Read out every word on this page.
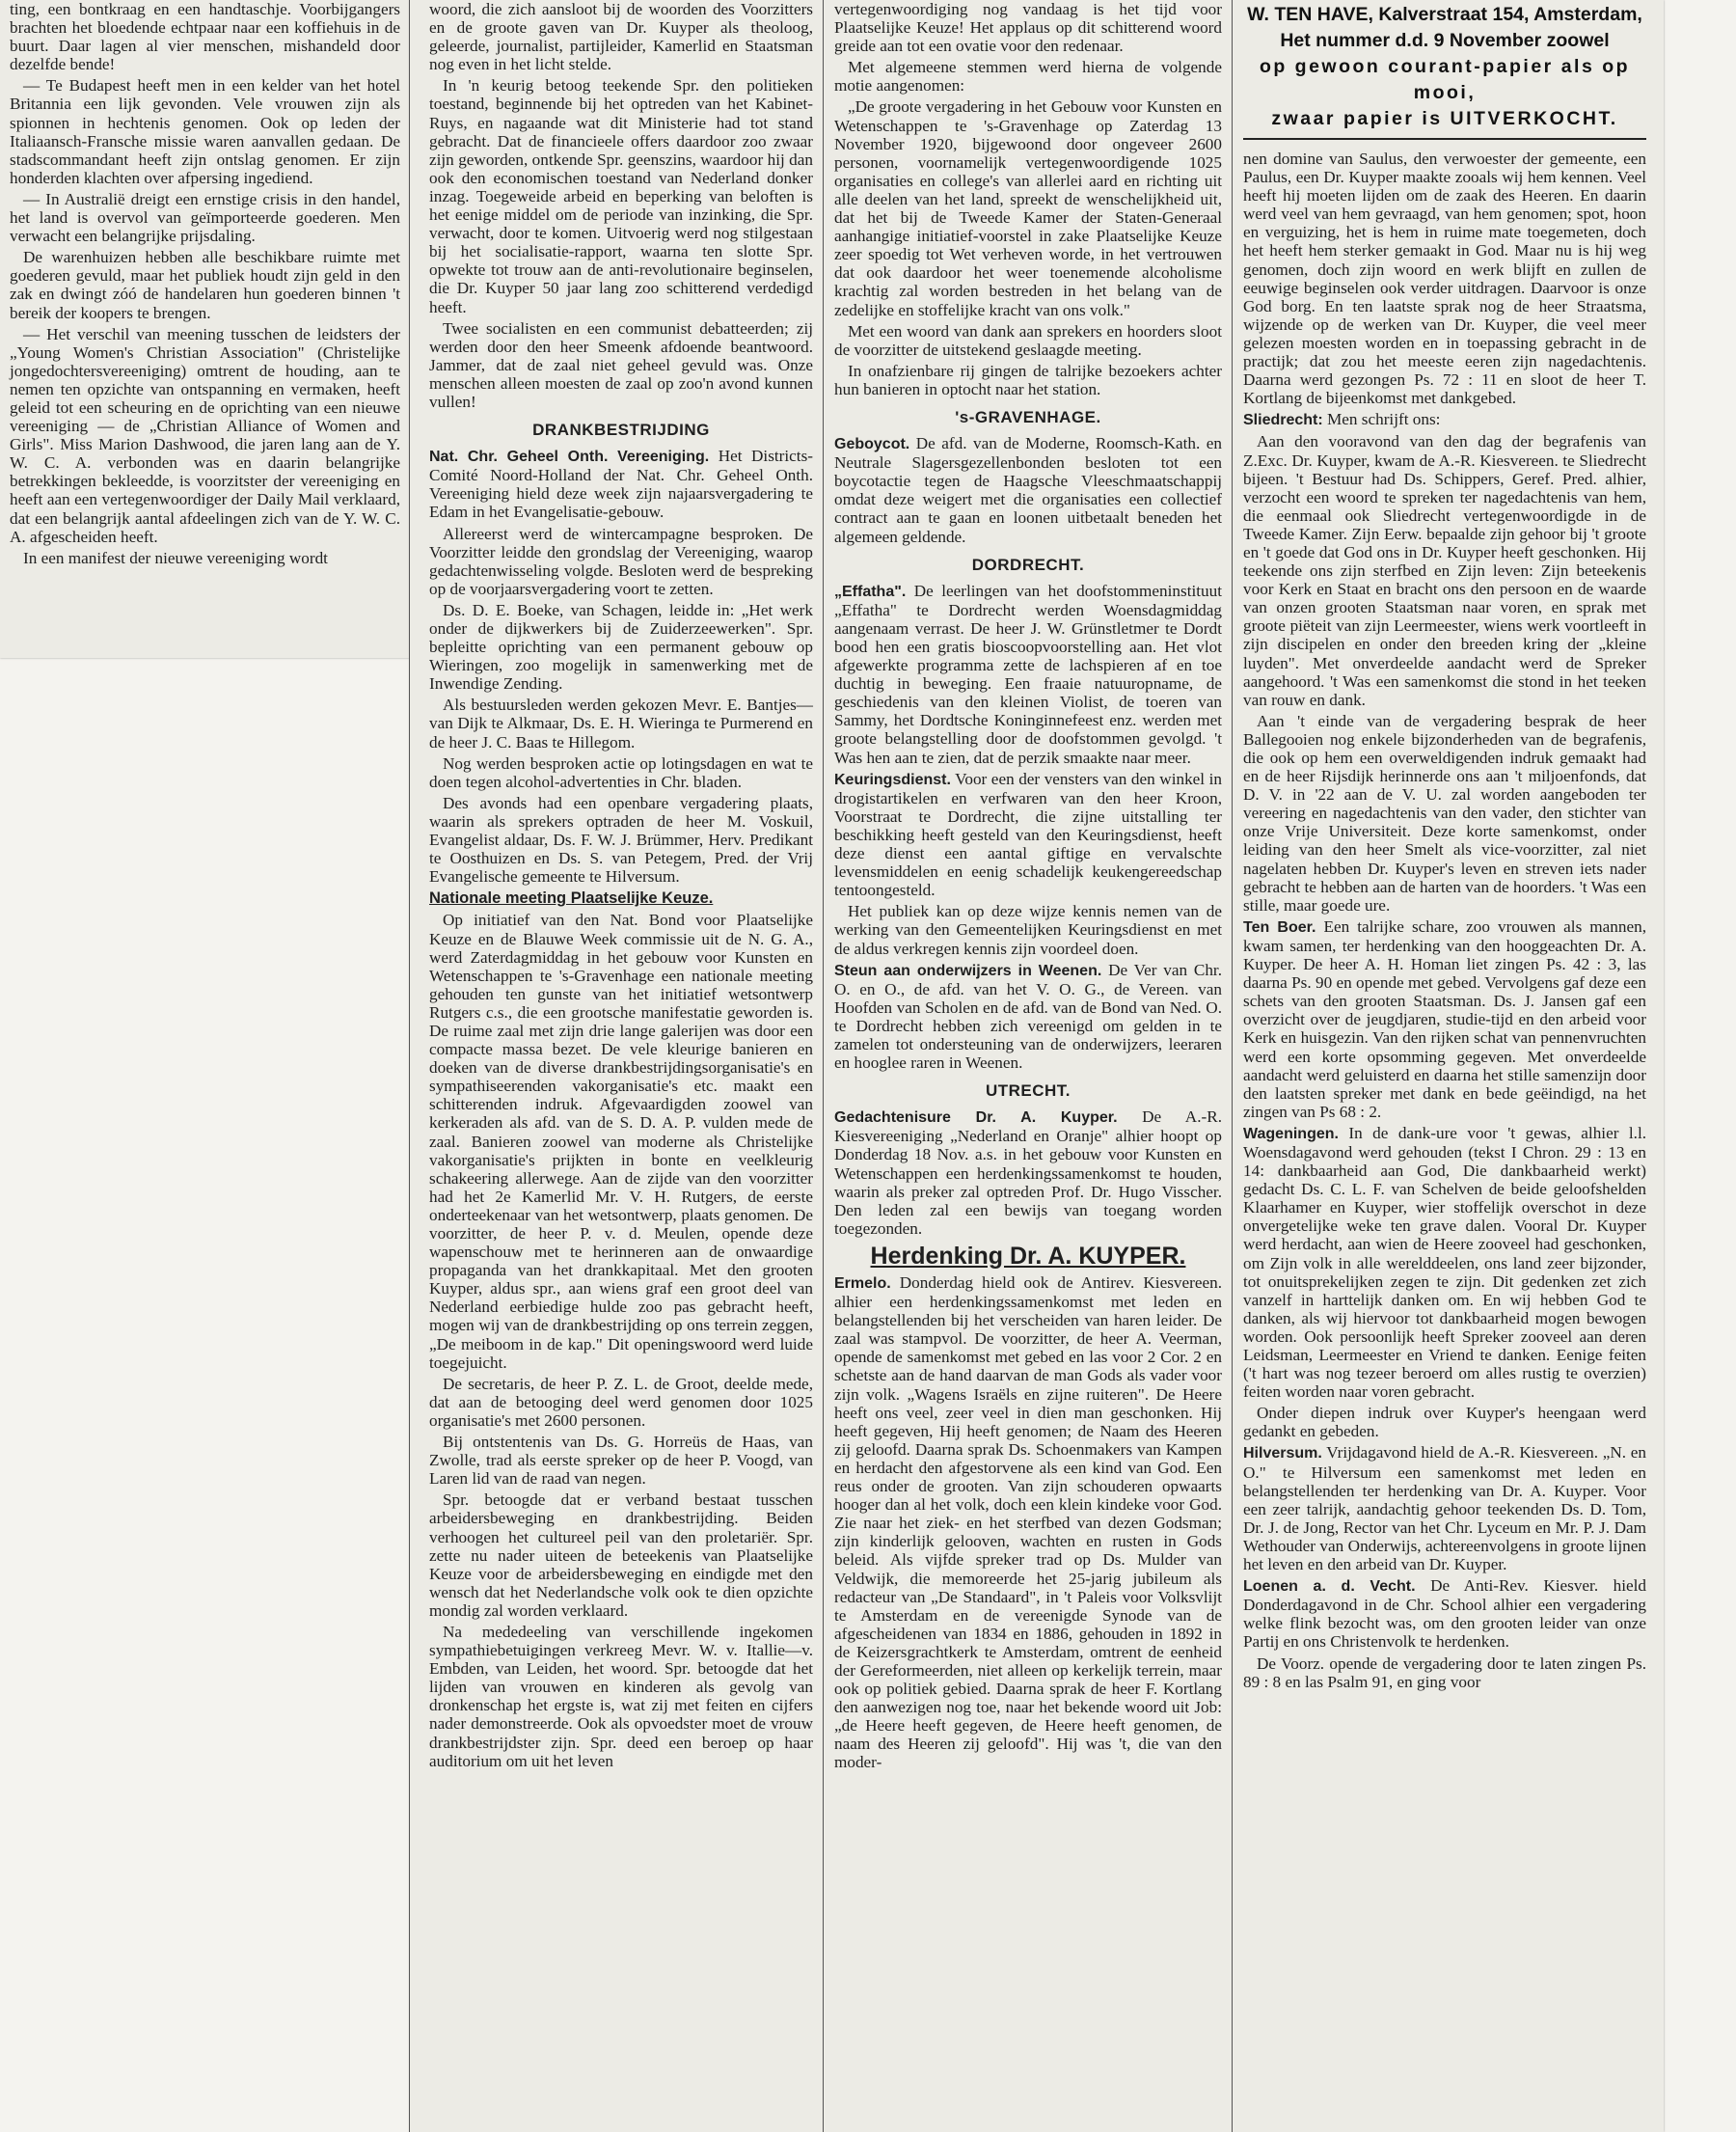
ting, een bontkraag en een handtaschje. Voorbijgangers brachten het bloedende echtpaar naar een koffiehuis in de buurt. Daar lagen al vier menschen, mishandeld door dezelfde bende!

— Te Budapest heeft men in een kelder van het hotel Britannia een lijk gevonden. Vele vrouwen zijn als spionnen in hechtenis genomen. Ook op leden der Italiaansch-Fransche missie waren aanvallen gedaan. De stadscommandant heeft zijn ontslag genomen. Er zijn honderden klachten over afpersing ingediend.

— In Australië dreigt een ernstige crisis in den handel, het land is overvol van geïmporteerde goederen. Men verwacht een belangrijke prijsdaling.

De warenhuizen hebben alle beschikbare ruimte met goederen gevuld, maar het publiek houdt zijn geld in den zak en dwingt zóó de handelaren hun goederen binnen 't bereik der koopers te brengen.

— Het verschil van meening tusschen de leidsters der „Young Women's Christian Association" (Christelijke jongedochtersvereeniging) omtrent de houding, aan te nemen ten opzichte van ontspanning en vermaken, heeft geleid tot een scheuring en de oprichting van een nieuwe vereeniging — de „Christian Alliance of Women and Girls". Miss Marion Dashwood, die jaren lang aan de Y. W. C. A. verbonden was en daarin belangrijke betrekkingen bekleedde, is voorzitster der vereeniging en heeft aan een vertegenwoordiger der Daily Mail verklaard, dat een belangrijk aantal afdeelingen zich van de Y. W. C. A. afgescheiden heeft.

In een manifest der nieuwe vereeniging wordt

woord, die zich aansloot bij de woorden des Voorzitters en de groote gaven van Dr. Kuyper als theoloog, geleerde, journalist, partijleider, Kamerlid en Staatsman nog even in het licht stelde.

In 'n keurig betoog teekende Spr. den politieken toestand, beginnende bij het optreden van het Kabinet-Ruys, en nagaande wat dit Ministerie had tot stand gebracht. Dat de financieele offers daardoor zoo zwaar zijn geworden, ontkende Spr. geenszins, waardoor hij dan ook den economischen toestand van Nederland donker inzag. Toegeweide arbeid en beperking van beloften is het eenige middel om de periode van inzinking, die Spr. verwacht, door te komen. Uitvoerig werd nog stilgestaan bij het socialisatie-rapport, waarna ten slotte Spr. opwekte tot trouw aan de anti-revolutionaire beginselen, die Dr. Kuyper 50 jaar lang zoo schitterend verdedigd heeft.

Twee socialisten en een communist debatteerden; zij werden door den heer Smeenk afdoende beantwoord. Jammer, dat de zaal niet geheel gevuld was. Onze menschen alleen moesten de zaal op zoo'n avond kunnen vullen!

DRANKBESTRIJDING

Nat. Chr. Geheel Onth. Vereeniging. Het Districts-Comité Noord-Holland der Nat. Chr. Geheel Onth. Vereeniging hield deze week zijn najaarsvergadering te Edam in het Evangelisatie-gebouw.

Allereerst werd de wintercampagne besproken. De Voorzitter leidde den grondslag der Vereeniging, waarop gedachtenwisseling volgde. Besloten werd de bespreking op de voorjaarsvergadering voort te zetten.

Ds. D. E. Boeke, van Schagen, leidde in: „Het werk onder de dijkwerkers bij de Zuiderzeewerken". Spr. bepleitte oprichting van een permanent gebouw op Wieringen, zoo mogelijk in samenwerking met de Inwendige Zending.

Als bestuursleden werden gekozen Mevr. E. Bantjes—van Dijk te Alkmaar, Ds. E. H. Wieringa te Purmerend en de heer J. C. Baas te Hillegom.

Nog werden besproken actie op lotingsdagen en wat te doen tegen alcohol-advertenties in Chr. bladen.

Des avonds had een openbare vergadering plaats, waarin als sprekers optraden de heer M. Voskuil, Evangelist aldaar, Ds. F. W. J. Brümmer, Herv. Predikant te Oosthuizen en Ds. S. van Petegem, Pred. der Vrij Evangelische gemeente te Hilversum.

Nationale meeting Plaatselijke Keuze.

Op initiatief van den Nat. Bond voor Plaatselijke Keuze en de Blauwe Week commissie uit de N. G. A., werd Zaterdagmiddag in het gebouw voor Kunsten en Wetenschappen te 's-Gravenhage een nationale meeting gehouden ten gunste van het initiatief wetsontwerp Rutgers c.s., die een grootsche manifestatie geworden is. De ruime zaal met zijn drie lange galerijen was door een compacte massa bezet. De vele kleurige banieren en doeken van de diverse drankbestrijdingsorganisatie's en sympathiseerenden vakorganisatie's etc. maakt een schitterenden indruk. Afgevaardigden zoowel van kerkeraden als afd. van de S. D. A. P. vulden mede de zaal. Banieren zoowel van moderne als Christelijke vakorganisatie's prijkten in bonte en veelkleurig schakeering allerwege. Aan de zijde van den voorzitter had het 2e Kamerlid Mr. V. H. Rutgers, de eerste onderteekenaar van het wetsontwerp, plaats genomen. De voorzitter, de heer P. v. d. Meulen, opende deze wapenschouw met te herinneren aan de onwaardige propaganda van het drankkapitaal. Met den grooten Kuyper, aldus spr., aan wiens graf een groot deel van Nederland eerbiedige hulde zoo pas gebracht heeft, mogen wij van de drankbestrijding op ons terrein zeggen, „De meiboom in de kap." Dit openingswoord werd luide toegejuicht.

De secretaris, de heer P. Z. L. de Groot, deelde mede, dat aan de betooging deel werd genomen door 1025 organisatie's met 2600 personen.

Bij ontstentenis van Ds. G. Horreüs de Haas, van Zwolle, trad als eerste spreker op de heer P. Voogd, van Laren lid van de raad van negen.

Spr. betoogde dat er verband bestaat tusschen arbeidersbeweging en drankbestrijding. Beiden verhoogen het cultureel peil van den proletariër. Spr. zette nu nader uiteen de beteekenis van Plaatselijke Keuze voor de arbeidersbeweging en eindigde met den wensch dat het Nederlandsche volk ook te dien opzichte mondig zal worden verklaard.

Na mededeeling van verschillende ingekomen sympathiebetuigingen verkreeg Mevr. W. v. Itallie—v. Embden, van Leiden, het woord. Spr. betoogde dat het lijden van vrouwen en kinderen als gevolg van dronkenschap het ergste is, wat zij met feiten en cijfers nader demonstreerde. Ook als opvoedster moet de vrouw drankbestrijdster zijn. Spr. deed een beroep op haar auditorium om uit het leven

vertegenwoordiging nog vandaag is het tijd voor Plaatselijke Keuze! Het applaus op dit schitterend woord greide aan tot een ovatie voor den redenaar.

Met algemeene stemmen werd hierna de volgende motie aangenomen:

„De groote vergadering in het Gebouw voor Kunsten en Wetenschappen te 's-Gravenhage op Zaterdag 13 November 1920, bijgewoond door ongeveer 2600 personen, voornamelijk vertegenwoordigende 1025 organisaties en college's van allerlei aard en richting uit alle deelen van het land, spreekt de wenschelijkheid uit, dat het bij de Tweede Kamer der Staten-Generaal aanhangige initiatief-voorstel in zake Plaatselijke Keuze zeer spoedig tot Wet verheven worde, in het vertrouwen dat ook daardoor het weer toenemende alcoholisme krachtig zal worden bestreden in het belang van de zedelijke en stoffelijke kracht van ons volk."

Met een woord van dank aan sprekers en hoorders sloot de voorzitter de uitstekend geslaagde meeting.

In onafzienbare rij gingen de talrijke bezoekers achter hun banieren in optocht naar het station.

's-GRAVENHAGE.

Geboycot. De afd. van de Moderne, Roomsch-Kath. en Neutrale Slagersgezellenbonden besloten tot een boycotactie tegen de Haagsche Vleeschmaatschappij omdat deze weigert met die organisaties een collectief contract aan te gaan en loonen uitbetaalt beneden het algemeen geldende.

DORDRECHT.

„Effatha". De leerlingen van het doofstommeninstituut „Effatha" te Dordrecht werden Woensdagmiddag aangenaam verrast. De heer J. W. Grünstletmer te Dordt bood hen een gratis bioscoopvoorstelling aan. Het vlot afgewerkte programma zette de lachspieren af en toe duchtig in beweging. Een fraaie natuuropname, de geschiedenis van den kleinen Violist, de toeren van Sammy, het Dordtsche Koninginnefeest enz. werden met groote belangstelling door de doofstommen gevolgd. 't Was hen aan te zien, dat de perzik smaakte naar meer.

Keuringsdienst. Voor een der vensters van den winkel in drogistartikelen en verfwaren van den heer Kroon, Voorstraat te Dordrecht, die zijne uitstalling ter beschikking heeft gesteld van den Keuringsdienst, heeft deze dienst een aantal giftige en vervalschte levensmiddelen en eenig schadelijk keukengereedschap tentoongesteld.

Het publiek kan op deze wijze kennis nemen van de werking van den Gemeentelijken Keuringsdienst en met de aldus verkregen kennis zijn voordeel doen.

Steun aan onderwijzers in Weenen. De Ver van Chr. O. en O., de afd. van het V. O. G., de Vereen. van Hoofden van Scholen en de afd. van de Bond van Ned. O. te Dordrecht hebben zich vereenigd om gelden in te zamelen tot ondersteuning van de onderwijzers, leeraren en hooglee raren in Weenen.

UTRECHT.

Gedachtenisure Dr. A. Kuyper. De A.-R. Kiesvereeniging „Nederland en Oranje" alhier hoopt op Donderdag 18 Nov. a.s. in het gebouw voor Kunsten en Wetenschappen een herdenkingssamenkomst te houden, waarin als preker zal optreden Prof. Dr. Hugo Visscher. Den leden zal een bewijs van toegang worden toegezonden.

Herdenking Dr. A. KUYPER.

Ermelo. Donderdag hield ook de Antirev. Kiesvereen. alhier een herdenkingssamenkomst met leden en belangstellenden bij het verscheiden van haren leider. De zaal was stampvol. De voorzitter, de heer A. Veerman, opende de samenkomst met gebed en las voor 2 Cor. 2 en schetste aan de hand daarvan de man Gods als vader voor zijn volk. „Wagens Israëls en zijne ruiteren". De Heere heeft ons veel, zeer veel in dien man geschonken. Hij heeft gegeven, Hij heeft genomen; de Naam des Heeren zij geloofd. Daarna sprak Ds. Schoenmakers van Kampen en herdacht den afgestorvene als een kind van God. Een reus onder de grooten. Van zijn schouderen opwaarts hooger dan al het volk, doch een klein kindeke voor God. Zie naar het ziek- en het sterfbed van dezen Godsman; zijn kinderlijk gelooven, wachten en rusten in Gods beleid. Als vijfde spreker trad op Ds. Mulder van Veldwijk, die memoreerde het 25-jarig jubileum als redacteur van „De Standaard", in 't Paleis voor Volksvlijt te Amsterdam en de vereenigde Synode van de afgescheidenen van 1834 en 1886, gehouden in 1892 in de Keizersgrachtkerk te Amsterdam, omtrent de eenheid der Gereformeerden, niet alleen op kerkelijk terrein, maar ook op politiek gebied. Daarna sprak de heer F. Kortlang den aanwezigen nog toe, naar het bekende woord uit Job: „de Heere heeft gegeven, de Heere heeft genomen, de naam des Heeren zij geloofd". Hij was 't, die van den moder-

W. TEN HAVE, Kalverstraat 154, Amsterdam,
Het nummer d.d. 9 November zoowel
op gewoon courant-papier als op mooi,
zwaar papier is UITVERKOCHT.

nen domine van Saulus, den verwoester der gemeente, een Paulus, een Dr. Kuyper maakte zooals wij hem kennen. Veel heeft hij moeten lijden om de zaak des Heeren. En daarin werd veel van hem gevraagd, van hem genomen; spot, hoon en verguizing, het is hem in ruime mate toegemeten, doch het heeft hem sterker gemaakt in God. Maar nu is hij weg genomen, doch zijn woord en werk blijft en zullen de eeuwige beginselen ook verder uitdragen. Daarvoor is onze God borg. En ten laatste sprak nog de heer Straatsma, wijzende op de werken van Dr. Kuyper, die veel meer gelezen moesten worden en in toepassing gebracht in de practijk; dat zou het meeste eeren zijn nagedachtenis. Daarna werd gezongen Ps. 72 : 11 en sloot de heer T. Kortlang de bijeenkomst met dankgebed.

Sliedrecht: Men schrijft ons:

Aan den vooravond van den dag der begrafenis van Z.Exc. Dr. Kuyper, kwam de A.-R. Kiesvereen. te Sliedrecht bijeen. 't Bestuur had Ds. Schippers, Geref. Pred. alhier, verzocht een woord te spreken ter nagedachtenis van hem, die eenmaal ook Sliedrecht vertegenwoordigde in de Tweede Kamer. Zijn Eerw. bepaalde zijn gehoor bij 't groote en 't goede dat God ons in Dr. Kuyper heeft geschonken. Hij teekende ons zijn sterfbed en Zijn leven: Zijn beteekenis voor Kerk en Staat en bracht ons den persoon en de waarde van onzen grooten Staatsman naar voren, en sprak met groote piëteit van zijn Leermeester, wiens werk voortleeft in zijn discipelen en onder den breeden kring der „kleine luyden". Met onverdeelde aandacht werd de Spreker aangehoord. 't Was een samenkomst die stond in het teeken van rouw en dank.

Aan 't einde van de vergadering besprak de heer Ballegooien nog enkele bijzonderheden van de begrafenis, die ook op hem een overweldigenden indruk gemaakt had en de heer Rijsdijk herinnerde ons aan 't miljoenfonds, dat D. V. in '22 aan de V. U. zal worden aangeboden ter vereering en nagedachtenis van den vader, den stichter van onze Vrije Universiteit. Deze korte samenkomst, onder leiding van den heer Smelt als vice-voorzitter, zal niet nagelaten hebben Dr. Kuyper's leven en streven iets nader gebracht te hebben aan de harten van de hoorders. 't Was een stille, maar goede ure.

Ten Boer. Een talrijke schare, zoo vrouwen als mannen, kwam samen, ter herdenking van den hooggeachten Dr. A. Kuyper. De heer A. H. Homan liet zingen Ps. 42 : 3, las daarna Ps. 90 en opende met gebed. Vervolgens gaf deze een schets van den grooten Staatsman. Ds. J. Jansen gaf een overzicht over de jeugdjaren, studie-tijd en den arbeid voor Kerk en huisgezin. Van den rijken schat van pennenvruchten werd een korte opsomming gegeven. Met onverdeelde aandacht werd geluisterd en daarna het stille samenzijn door den laatsten spreker met dank en bede geëindigd, na het zingen van Ps 68 : 2.

Wageningen. In de dank-ure voor 't gewas, alhier l.l. Woensdagavond werd gehouden (tekst I Chron. 29 : 13 en 14: dankbaarheid aan God, Die dankbaarheid werkt) gedacht Ds. C. L. F. van Schelven de beide geloofshelden Klaarhamer en Kuyper, wier stoffelijk overschot in deze onvergetelijke weke ten grave dalen. Vooral Dr. Kuyper werd herdacht, aan wien de Heere zooveel had geschonken, om Zijn volk in alle werelddeelen, ons land zeer bijzonder, tot onuitsprekelijken zegen te zijn. Dit gedenken zet zich vanzelf in harttelijk danken om. En wij hebben God te danken, als wij hiervoor tot dankbaarheid mogen bewogen worden. Ook persoonlijk heeft Spreker zooveel aan deren Leidsman, Leermeester en Vriend te danken. Eenige feiten ('t hart was nog tezeer beroerd om alles rustig te overzien) feiten worden naar voren gebracht.

Onder diepen indruk over Kuyper's heengaan werd gedankt en gebeden.

Hilversum. Vrijdagavond hield de A.-R. Kiesvereen. „N. en O." te Hilversum een samenkomst met leden en belangstellenden ter herdenking van Dr. A. Kuyper. Voor een zeer talrijk, aandachtig gehoor teekenden Ds. D. Tom, Dr. J. de Jong, Rector van het Chr. Lyceum en Mr. P. J. Dam Wethouder van Onderwijs, achtereenvolgens in groote lijnen het leven en den arbeid van Dr. Kuyper.

Loenen a. d. Vecht. De Anti-Rev. Kiesver. hield Donderdagavond in de Chr. School alhier een vergadering welke flink bezocht was, om den grooten leider van onze Partij en ons Christenvolk te herdenken.

De Voorz. opende de vergadering door te laten zingen Ps. 89 : 8 en las Psalm 91, en ging voor
